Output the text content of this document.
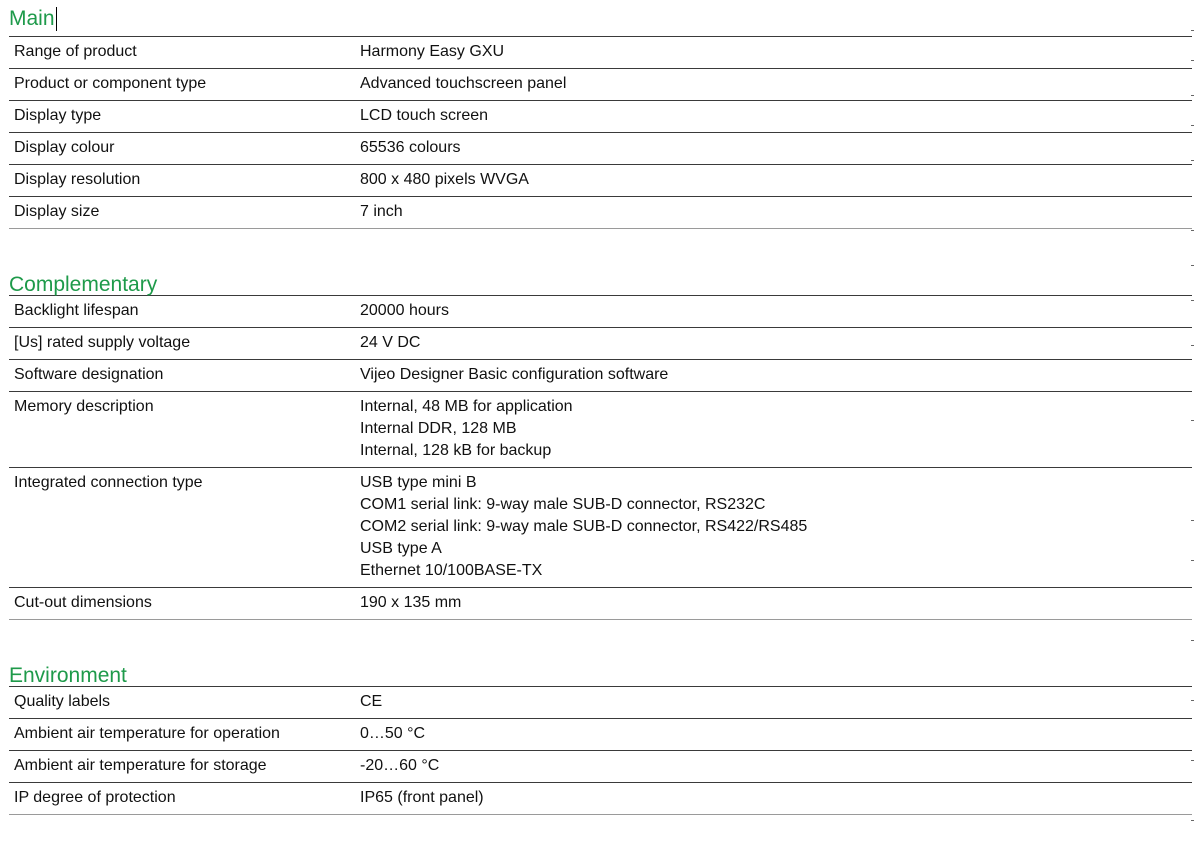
Main
Range of product	Harmony Easy GXU
Product or component type	Advanced touchscreen panel
Display type	LCD touch screen
Display colour	65536 colours
Display resolution	800 x 480 pixels WVGA
Display size	7 inch
Complementary
Backlight lifespan	20000 hours
[Us] rated supply voltage	24 V DC
Software designation	Vijeo Designer Basic configuration software
Memory description	Internal, 48 MB for application
Internal DDR, 128 MB
Internal, 128 kB for backup
Integrated connection type	USB type mini B
COM1 serial link: 9-way male SUB-D connector, RS232C
COM2 serial link: 9-way male SUB-D connector, RS422/RS485
USB type A
Ethernet 10/100BASE-TX
Cut-out dimensions	190 x 135 mm
Environment
Quality labels	CE
Ambient air temperature for operation	0…50 °C
Ambient air temperature for storage	-20…60 °C
IP degree of protection	IP65 (front panel)
